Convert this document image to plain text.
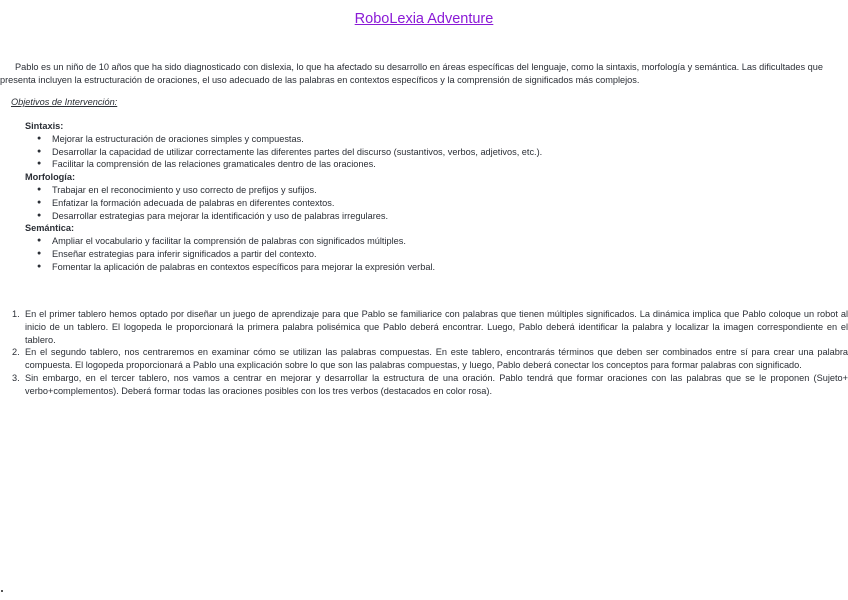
RoboLexia Adventure

Pablo es un niño de 10 años que ha sido diagnosticado con dislexia, lo que ha afectado su desarrollo en áreas específicas del lenguaje, como la sintaxis, morfología y semántica. Las dificultades que presenta incluyen la estructuración de oraciones, el uso adecuado de las palabras en contextos específicos y la comprensión de significados más complejos.

Objetivos de Intervención:

Sintaxis:

● Mejorar la estructuración de oraciones simples y compuestas.
● Desarrollar la capacidad de utilizar correctamente las diferentes partes del discurso (sustantivos, verbos, adjetivos, etc.).
● Facilitar la comprensión de las relaciones gramaticales dentro de las oraciones.

Morfología:

● Trabajar en el reconocimiento y uso correcto de prefijos y sufijos.
● Enfatizar la formación adecuada de palabras en diferentes contextos.
● Desarrollar estrategias para mejorar la identificación y uso de palabras irregulares.

Semántica:

● Ampliar el vocabulario y facilitar la comprensión de palabras con significados múltiples.
● Enseñar estrategias para inferir significados a partir del contexto.
● Fomentar la aplicación de palabras en contextos específicos para mejorar la expresión verbal.
1. En el primer tablero hemos optado por diseñar un juego de aprendizaje para que Pablo se familiarice con palabras que tienen múltiples significados. La dinámica implica que Pablo coloque un robot al inicio de un tablero. El logopeda le proporcionará la primera palabra polisémica que Pablo deberá encontrar. Luego, Pablo deberá identificar la palabra y localizar la imagen correspondiente en el tablero.
2. En el segundo tablero, nos centraremos en examinar cómo se utilizan las palabras compuestas. En este tablero, encontrarás términos que deben ser combinados entre sí para crear una palabra compuesta. El logopeda proporcionará a Pablo una explicación sobre lo que son las palabras compuestas, y luego, Pablo deberá conectar los conceptos para formar palabras con significado.
3. Sin embargo, en el tercer tablero, nos vamos a centrar en mejorar y desarrollar la estructura de una oración. Pablo tendrá que formar oraciones con las palabras que se le proponen (Sujeto+ verbo+complementos). Deberá formar todas las oraciones posibles con los tres verbos (destacados en color rosa).
